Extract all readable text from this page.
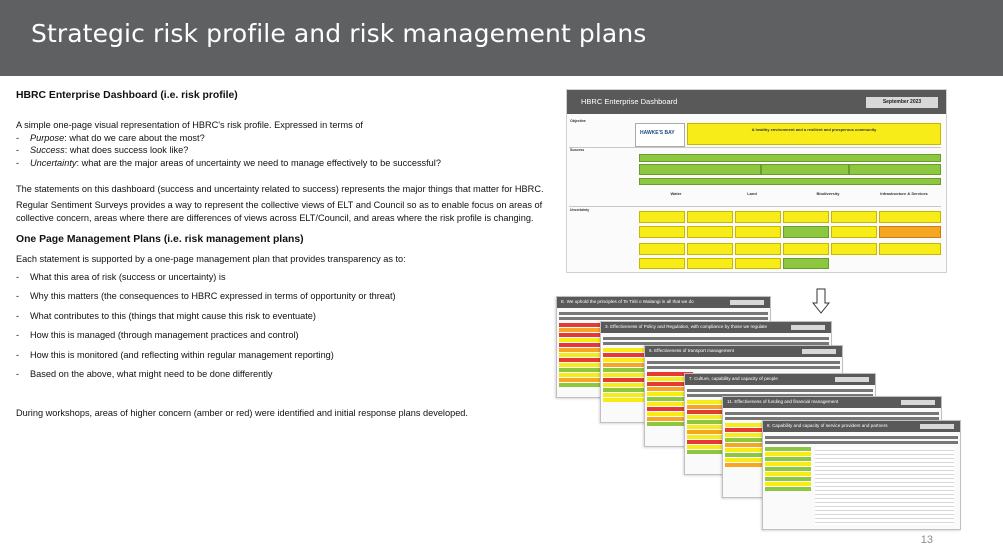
Strategic risk profile and risk management plans

HBRC Enterprise Dashboard (i.e. risk profile)

A simple one-page visual representation of HBRC's risk profile. Expressed in terms of

-	Purpose: what do we care about the most?
-	Success: what does success look like?
-	Uncertainty: what are the major areas of uncertainty we need to manage effectively to be successful?

The statements on this dashboard (success and uncertainty related to success) represents the major things that matter for HBRC.

Regular Sentiment Surveys provides a way to represent the collective views of ELT and Council so as to enable focus on areas of collective concern, areas where there are differences of views across ELT/Council, and areas where the risk profile is changing.

One Page Management Plans (i.e. risk management plans)

Each statement is supported by a one-page management plan that provides transparency as to:

-	What this area of risk (success or uncertainty) is
-	Why this matters (the consequences to HBRC expressed in terms of opportunity or threat)
-	What contributes to this (things that might cause this risk to eventuate)
-	How this is managed (through management practices and control)
-	How this is monitored (and reflecting within regular management reporting)
-	Based on the above, what might need to be done differently

During workshops, areas of higher concern (amber or red) were identified and initial response plans developed.

HBRC Enterprise Dashboard	September 2023
Objective
HAWKE'S BAY
A healthy environment and a resilient and prosperous community
Success
Water	Land	Biodiversity	Infrastructure & Services
Uncertainty
E. We uphold the principles of Te Tiriti o Waitangi in all that we do
3. Effectiveness of Policy and Regulation, with compliance by those we regulate
6. Effectiveness of transport management
7. Culture, capability and capacity of people
11. Effectiveness of funding and financial management
8. Capability and capacity of service providers and partners
13
